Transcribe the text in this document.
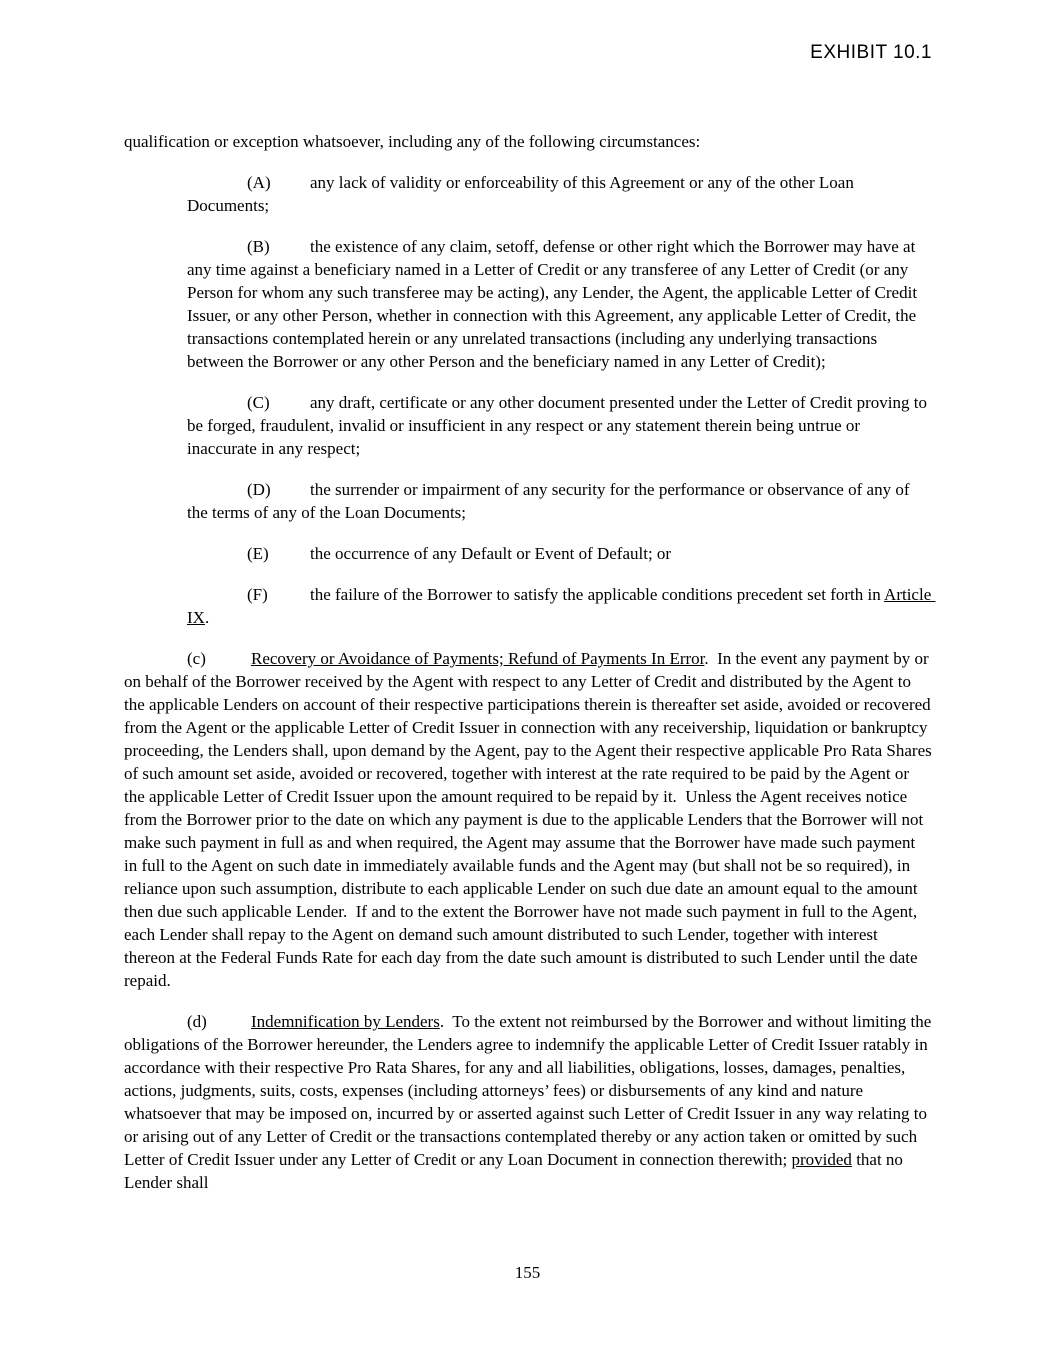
EXHIBIT 10.1

qualification or exception whatsoever, including any of the following circumstances:

(A) any lack of validity or enforceability of this Agreement or any of the other Loan Documents;

(B) the existence of any claim, setoff, defense or other right which the Borrower may have at any time against a beneficiary named in a Letter of Credit or any transferee of any Letter of Credit (or any Person for whom any such transferee may be acting), any Lender, the Agent, the applicable Letter of Credit Issuer, or any other Person, whether in connection with this Agreement, any applicable Letter of Credit, the transactions contemplated herein or any unrelated transactions (including any underlying transactions between the Borrower or any other Person and the beneficiary named in any Letter of Credit);

(C) any draft, certificate or any other document presented under the Letter of Credit proving to be forged, fraudulent, invalid or insufficient in any respect or any statement therein being untrue or inaccurate in any respect;

(D) the surrender or impairment of any security for the performance or observance of any of the terms of any of the Loan Documents;

(E) the occurrence of any Default or Event of Default; or

(F) the failure of the Borrower to satisfy the applicable conditions precedent set forth in Article IX.

(c)	Recovery or Avoidance of Payments; Refund of Payments In Error.  In the event any payment by or on behalf of the Borrower received by the Agent with respect to any Letter of Credit and distributed by the Agent to the applicable Lenders on account of their respective participations therein is thereafter set aside, avoided or recovered from the Agent or the applicable Letter of Credit Issuer in connection with any receivership, liquidation or bankruptcy proceeding, the Lenders shall, upon demand by the Agent, pay to the Agent their respective applicable Pro Rata Shares of such amount set aside, avoided or recovered, together with interest at the rate required to be paid by the Agent or the applicable Letter of Credit Issuer upon the amount required to be repaid by it.  Unless the Agent receives notice from the Borrower prior to the date on which any payment is due to the applicable Lenders that the Borrower will not make such payment in full as and when required, the Agent may assume that the Borrower have made such payment in full to the Agent on such date in immediately available funds and the Agent may (but shall not be so required), in reliance upon such assumption, distribute to each applicable Lender on such due date an amount equal to the amount then due such applicable Lender.  If and to the extent the Borrower have not made such payment in full to the Agent, each Lender shall repay to the Agent on demand such amount distributed to such Lender, together with interest thereon at the Federal Funds Rate for each day from the date such amount is distributed to such Lender until the date repaid.

(d)	Indemnification by Lenders.  To the extent not reimbursed by the Borrower and without limiting the obligations of the Borrower hereunder, the Lenders agree to indemnify the applicable Letter of Credit Issuer ratably in accordance with their respective Pro Rata Shares, for any and all liabilities, obligations, losses, damages, penalties, actions, judgments, suits, costs, expenses (including attorneys’ fees) or disbursements of any kind and nature whatsoever that may be imposed on, incurred by or asserted against such Letter of Credit Issuer in any way relating to or arising out of any Letter of Credit or the transactions contemplated thereby or any action taken or omitted by such Letter of Credit Issuer under any Letter of Credit or any Loan Document in connection therewith; provided that no Lender shall

155
